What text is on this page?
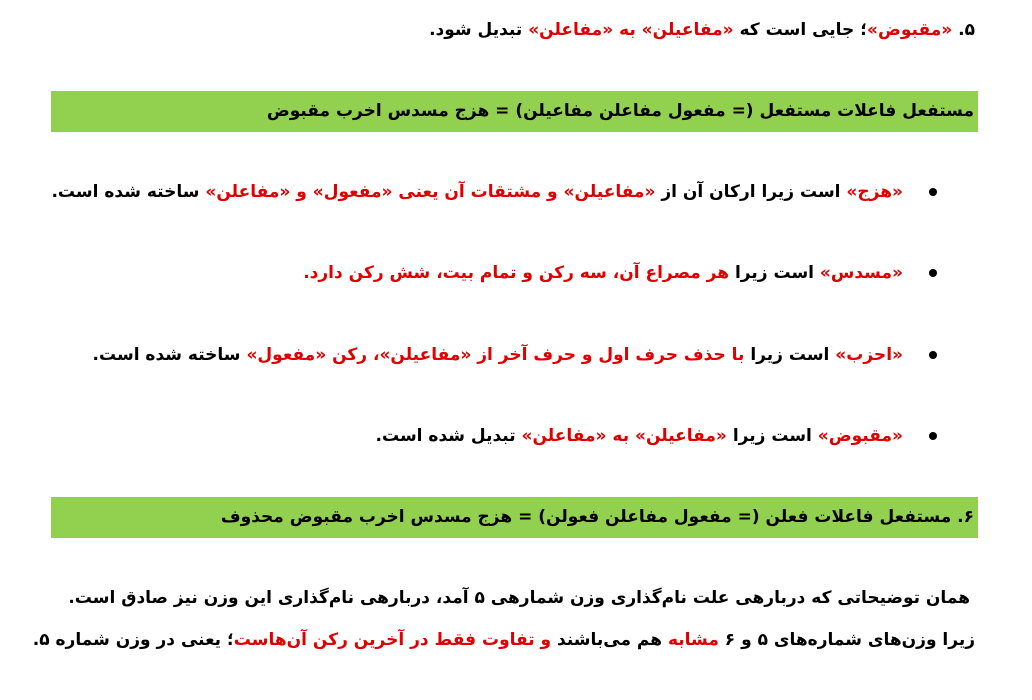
۵. «مقبوض»؛ جایی است که «مفاعیلن» به «مفاعلن» تبدیل شود.
مستفعل فاعلات مستفعل (= مفعول مفاعلن مفاعیلن) = هزج مسدس اخرب مقبوض
«هزج» است زیرا ارکان آن از «مفاعیلن» و مشتقات آن یعنی «مفعول» و «مفاعلن» ساخته شده است.
«مسدس» است زیرا هر مصراع آن، سه رکن و تمام بیت، شش رکن دارد.
«احزب» است زیرا با حذف حرف اول و حرف آخر از «مفاعیلن»، رکن «مفعول» ساخته شده است.
«مقبوض» است زیرا «مفاعیلن» به «مفاعلن» تبدیل شده است.
۶. مستفعل فاعلات فعلن (= مفعول مفاعلن فعولن) = هزج مسدس اخرب مقبوض محذوف
همان توضیحاتی که دربارهی علت نام‌گذاری وزن شمارهی ۵ آمد، دربارهی نام‌گذاری این وزن نیز صادق است.
زیرا وزن‌های شماره‌های ۵ و ۶ مشابه هم می‌باشند و تفاوت فقط در آخرین رکن آن‌هاست؛ یعنی در وزن شماره ۵.
